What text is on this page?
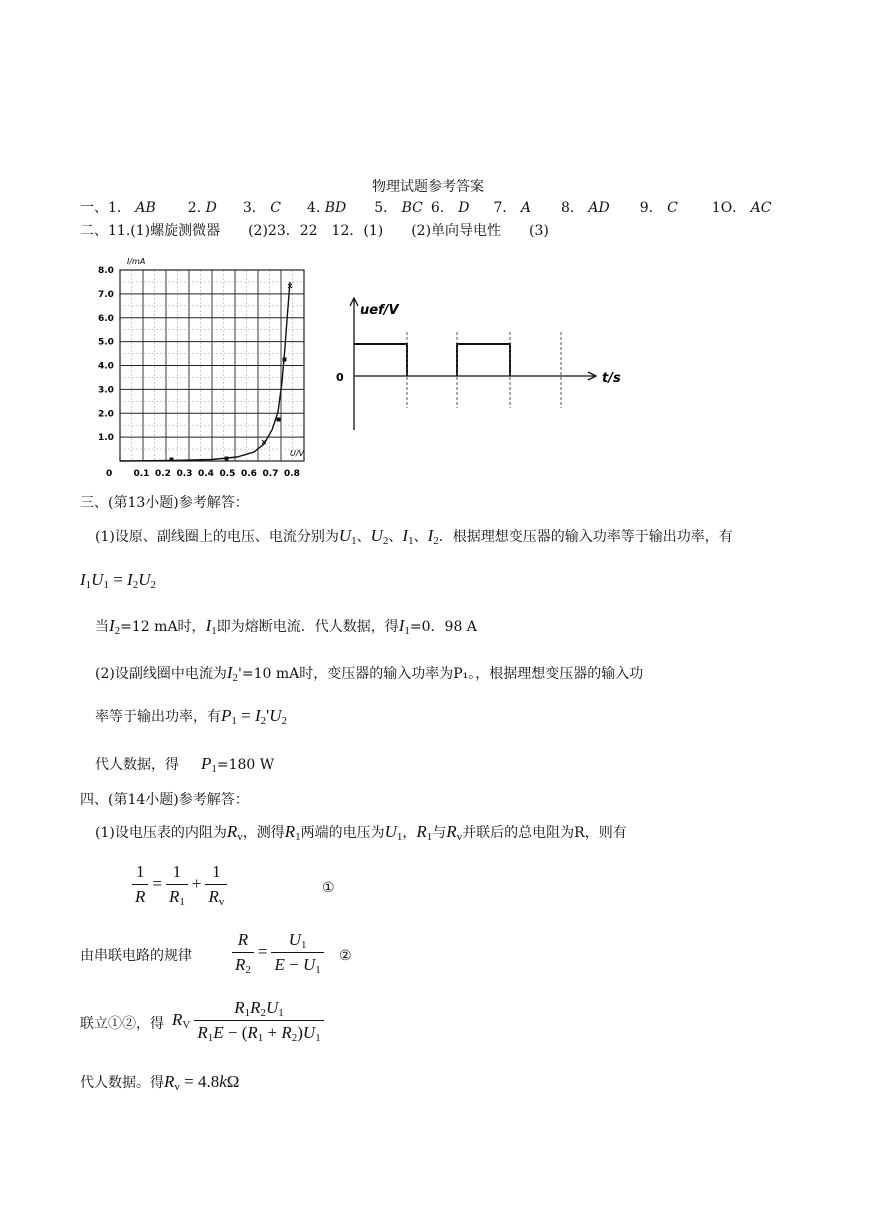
物理试题参考答案
一、1． AB 2. D 3． C 4. BD 5． BC 6． D 7． A 8． AD 9． C 1O． AC
二、11.(1)螺旋测微器　　(2)23．22　12．(1)　　(2)单向导电性　　(3)
I/mA
U/V
0
1.0
2.0
3.0
4.0
5.0
6.0
7.0
8.0
0.1 0.2 0.3 0.4 0.5 0.6 0.7 0.8
uef/V
t/s
0
三、(第13小题)参考解答：
(1)设原、副线圈上的电压、电流分别为$U_1$、$U_2$、$I_1$、$I_2$．根据理想变压器的输入功率等于输出功率，有
$I_1U_1 = I_2U_2$
当$I_2=12$ mA时，$I_1$即为熔断电流．代人数据，得$I_1=0$．98 A
(2)设副线圈中电流为$I_2'=10$ mA时，变压器的输入功率为P₁。，根据理想变压器的输入功
率等于输出功率，有$P_1 = I_2'U_2$
代人数据，得 $P_1=180$ W
四、(第14小题)参考解答：
(1)设电压表的内阻为$R_v$，测得$R_1$两端的电压为$U_1$，$R_1$与$R_v$并联后的总电阻为R，则有
$\frac{1}{R} = \frac{1}{R_1} + \frac{1}{R_v}$	①
由串联电路的规律 $\frac{R}{R_2} = \frac{U_1}{E - U_1}$ ②
联立①②，得 $R_V \frac{R_1R_2U_1}{R_1E - (R_1 + R_2)U_1}$
代人数据。得$R_v = 4.8k\Omega$
